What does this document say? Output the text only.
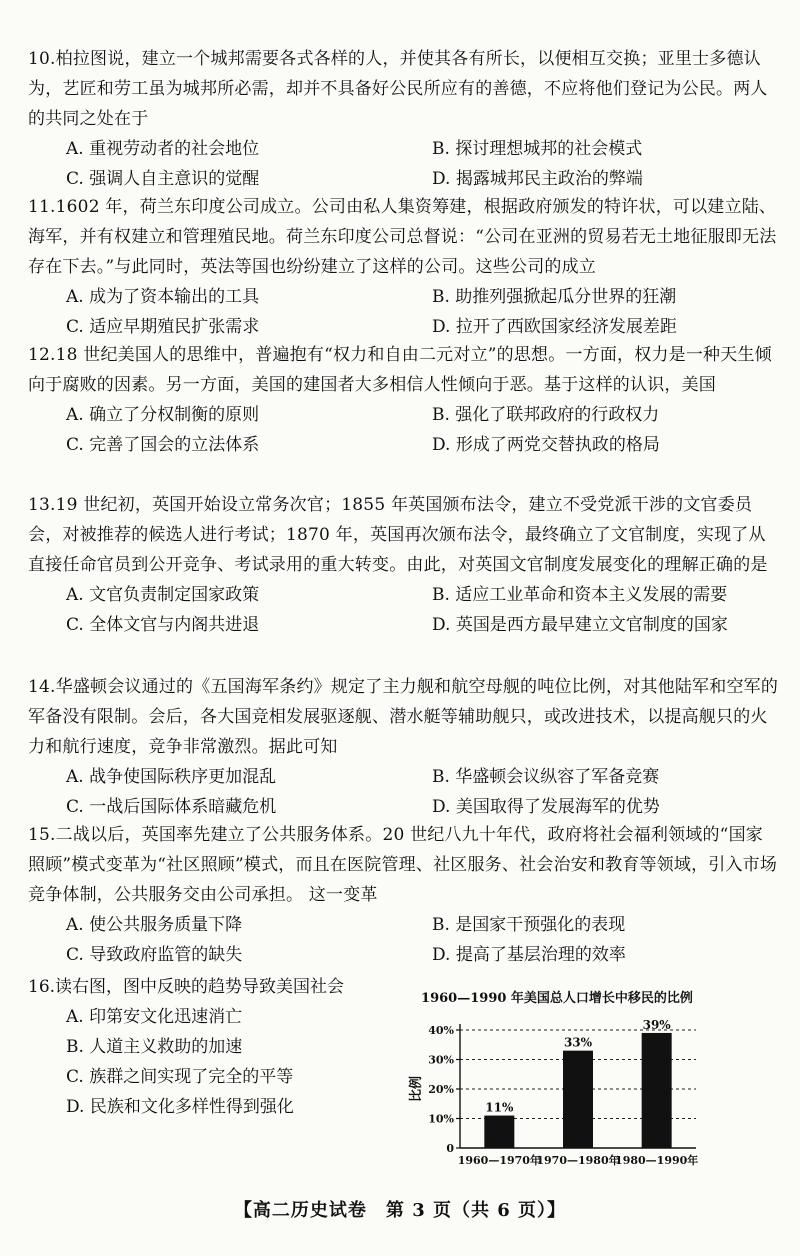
10.柏拉图说，建立一个城邦需要各式各样的人，并使其各有所长，以便相互交换；亚里士多德认为，艺匠和劳工虽为城邦所必需，却并不具备好公民所应有的善德，不应将他们登记为公民。两人的共同之处在于

A. 重视劳动者的社会地位	B. 探讨理想城邦的社会模式
C. 强调人自主意识的觉醒	D. 揭露城邦民主政治的弊端

11.1602 年，荷兰东印度公司成立。公司由私人集资筹建，根据政府颁发的特许状，可以建立陆、海军，并有权建立和管理殖民地。荷兰东印度公司总督说：“公司在亚洲的贸易若无土地征服即无法存在下去。”与此同时，英法等国也纷纷建立了这样的公司。这些公司的成立

A. 成为了资本输出的工具	B. 助推列强掀起瓜分世界的狂潮
C. 适应早期殖民扩张需求	D. 拉开了西欧国家经济发展差距

12.18 世纪美国人的思维中，普遍抱有“权力和自由二元对立”的思想。一方面，权力是一种天生倾向于腐败的因素。另一方面，美国的建国者大多相信人性倾向于恶。基于这样的认识，美国

A. 确立了分权制衡的原则	B. 强化了联邦政府的行政权力
C. 完善了国会的立法体系	D. 形成了两党交替执政的格局

13.19 世纪初，英国开始设立常务次官；1855 年英国颁布法令，建立不受党派干涉的文官委员会，对被推荐的候选人进行考试；1870 年，英国再次颁布法令，最终确立了文官制度，实现了从直接任命官员到公开竞争、考试录用的重大转变。由此，对英国文官制度发展变化的理解正确的是

A. 文官负责制定国家政策	B. 适应工业革命和资本主义发展的需要
C. 全体文官与内阁共进退	D. 英国是西方最早建立文官制度的国家

14.华盛顿会议通过的《五国海军条约》规定了主力舰和航空母舰的吨位比例，对其他陆军和空军的军备没有限制。会后，各大国竞相发展驱逐舰、潜水艇等辅助舰只，或改进技术，以提高舰只的火力和航行速度，竞争非常激烈。据此可知

A. 战争使国际秩序更加混乱	B. 华盛顿会议纵容了军备竞赛
C. 一战后国际体系暗藏危机	D. 美国取得了发展海军的优势

15.二战以后，英国率先建立了公共服务体系。20 世纪八九十年代，政府将社会福利领域的“国家照顾”模式变革为“社区照顾”模式，而且在医院管理、社区服务、社会治安和教育等领域，引入市场竞争体制，公共服务交由公司承担。 这一变革

A. 使公共服务质量下降	B. 是国家干预强化的表现
C. 导致政府监管的缺失	D. 提高了基层治理的效率

16.读右图，图中反映的趋势导致美国社会

A. 印第安文化迅速消亡
B. 人道主义救助的加速
C. 族群之间实现了完全的平等
D. 民族和文化多样性得到强化
1960—1990 年美国总人口增长中移民的比例
比例
0
10%
20%
30%
40%
11%
1960—1970年
33%
1970—1980年
39%
1980—1990年
【高二历史试卷　第 3 页（共 6 页）】
